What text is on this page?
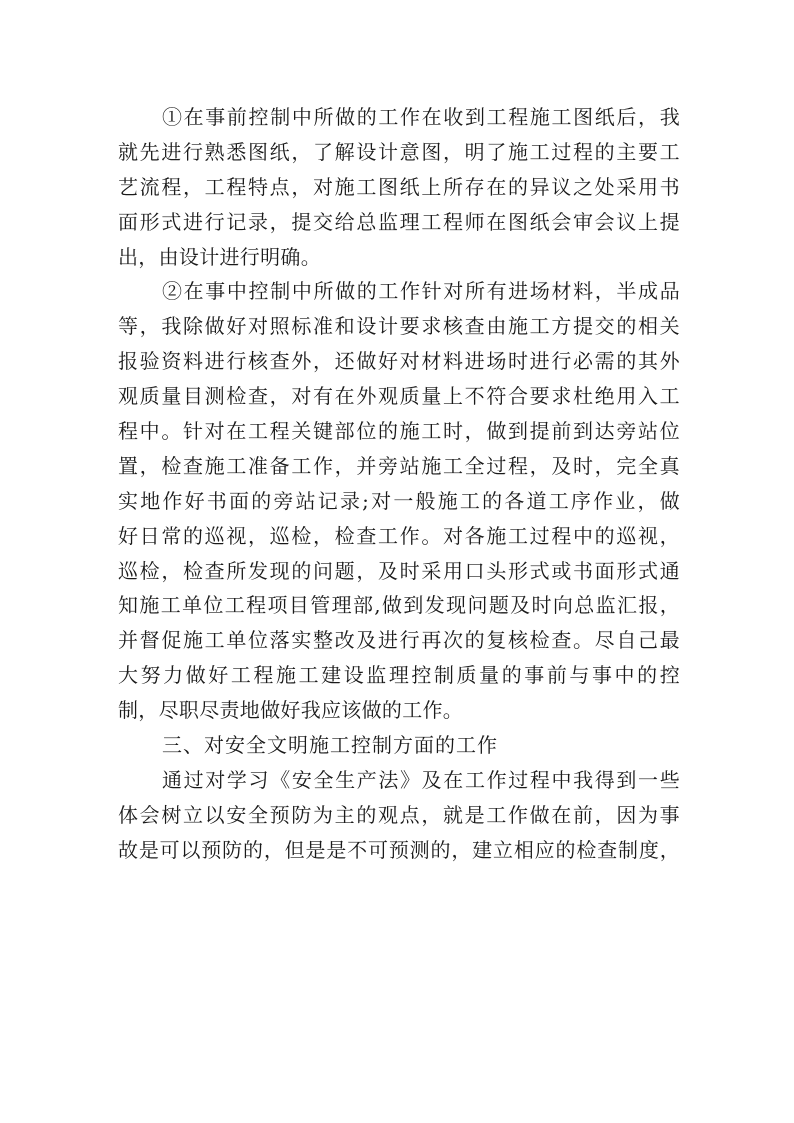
①在事前控制中所做的工作在收到工程施工图纸后，我
就先进行熟悉图纸，了解设计意图，明了施工过程的主要工
艺流程，工程特点，对施工图纸上所存在的异议之处采用书
面形式进行记录，提交给总监理工程师在图纸会审会议上提
出，由设计进行明确。
②在事中控制中所做的工作针对所有进场材料，半成品
等，我除做好对照标准和设计要求核查由施工方提交的相关
报验资料进行核查外，还做好对材料进场时进行必需的其外
观质量目测检查，对有在外观质量上不符合要求杜绝用入工
程中。针对在工程关键部位的施工时，做到提前到达旁站位
置，检查施工准备工作，并旁站施工全过程，及时，完全真
实地作好书面的旁站记录;对一般施工的各道工序作业，做
好日常的巡视，巡检，检查工作。对各施工过程中的巡视，
巡检，检查所发现的问题，及时采用口头形式或书面形式通
知施工单位工程项目管理部,做到发现问题及时向总监汇报，
并督促施工单位落实整改及进行再次的复核检查。尽自己最
大努力做好工程施工建设监理控制质量的事前与事中的控
制，尽职尽责地做好我应该做的工作。
三、对安全文明施工控制方面的工作
通过对学习《安全生产法》及在工作过程中我得到一些
体会树立以安全预防为主的观点，就是工作做在前，因为事
故是可以预防的，但是是不可预测的，建立相应的检查制度，
